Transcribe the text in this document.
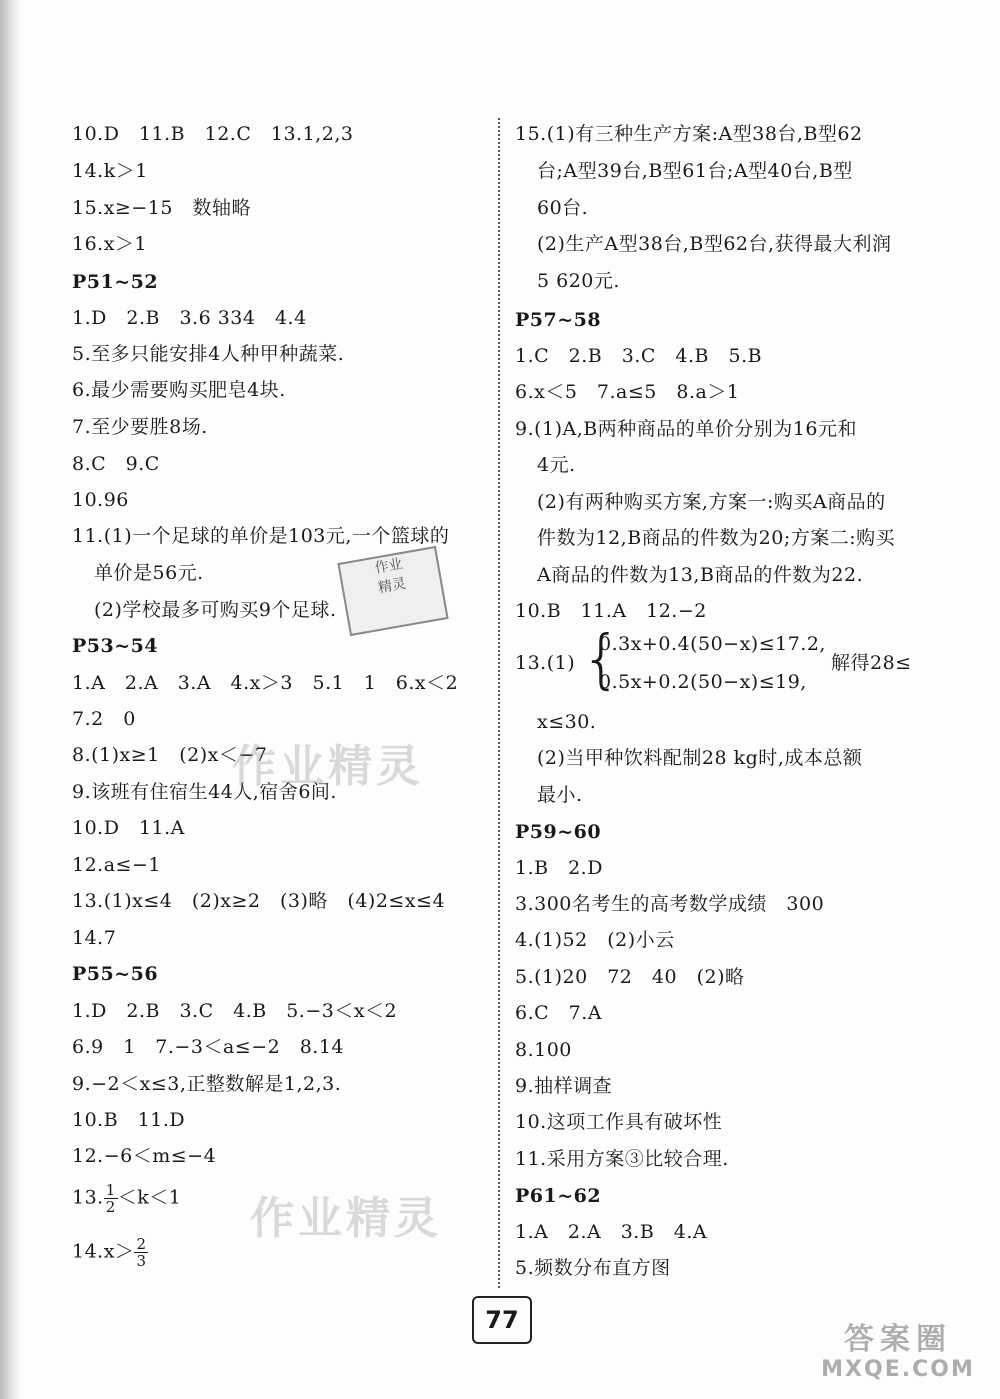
10.D　11.B　12.C　13.1,2,3
14.k＞1
15.x≥−15　数轴略
16.x＞1
P51~52
1.D　2.B　3.6 334　4.4
5.至多只能安排4人种甲种蔬菜.
6.最少需要购买肥皂4块.
7.至少要胜8场.
8.C　9.C
10.96
11.(1)一个足球的单价是103元,一个篮球的
单价是56元.
(2)学校最多可购买9个足球.
P53~54
1.A　2.A　3.A　4.x＞3　5.1　1　6.x＜2
7.2　0
8.(1)x≥1　(2)x＜−7
9.该班有住宿生44人,宿舍6间.
10.D　11.A
12.a≤−1
13.(1)x≤4　(2)x≥2　(3)略　(4)2≤x≤4
14.7
P55~56
1.D　2.B　3.C　4.B　5.−3＜x＜2
6.9　1　7.−3＜a≤−2　8.14
9.−2＜x≤3,正整数解是1,2,3.
10.B　11.D
12.−6＜m≤−4
13. $\frac{1}{2} <k<1$
$14.x> \frac{2}{3}$
15.(1)有三种生产方案:A型38台,B型62
台;A型39台,B型61台;A型40台,B型
60台.
(2)生产A型38台,B型62台,获得最大利润
5 620元.
P57~58
1.C　2.B　3.C　4.B　5.B
6.x＜5　7.a≤5　8.a＞1
9.(1)A,B两种商品的单价分别为16元和
4元.
(2)有两种购买方案,方案一:购买A商品的
件数为12,B商品的件数为20;方案二:购买
A商品的件数为13,B商品的件数为22.
10.B　11.A　12.−2
13.(1) {
0.3x+0.4(50−x)≤17.2,
0.5x+0.2(50−x)≤19,
解得28≤
x≤30.
(2)当甲种饮料配制28 kg时,成本总额
最小.
P59~60
1.B　2.D
3.300名考生的高考数学成绩　300
4.(1)52　(2)小云
5.(1)20　72　40　(2)略
6.C　7.A
8.100
9.抽样调查
10.这项工作具有破坏性
11.采用方案③比较合理.
P61~62
1.A　2.A　3.B　4.A
5.频数分布直方图
作业精灵
作业精灵
作业
精灵
77
答案圈
MXQE.COM
